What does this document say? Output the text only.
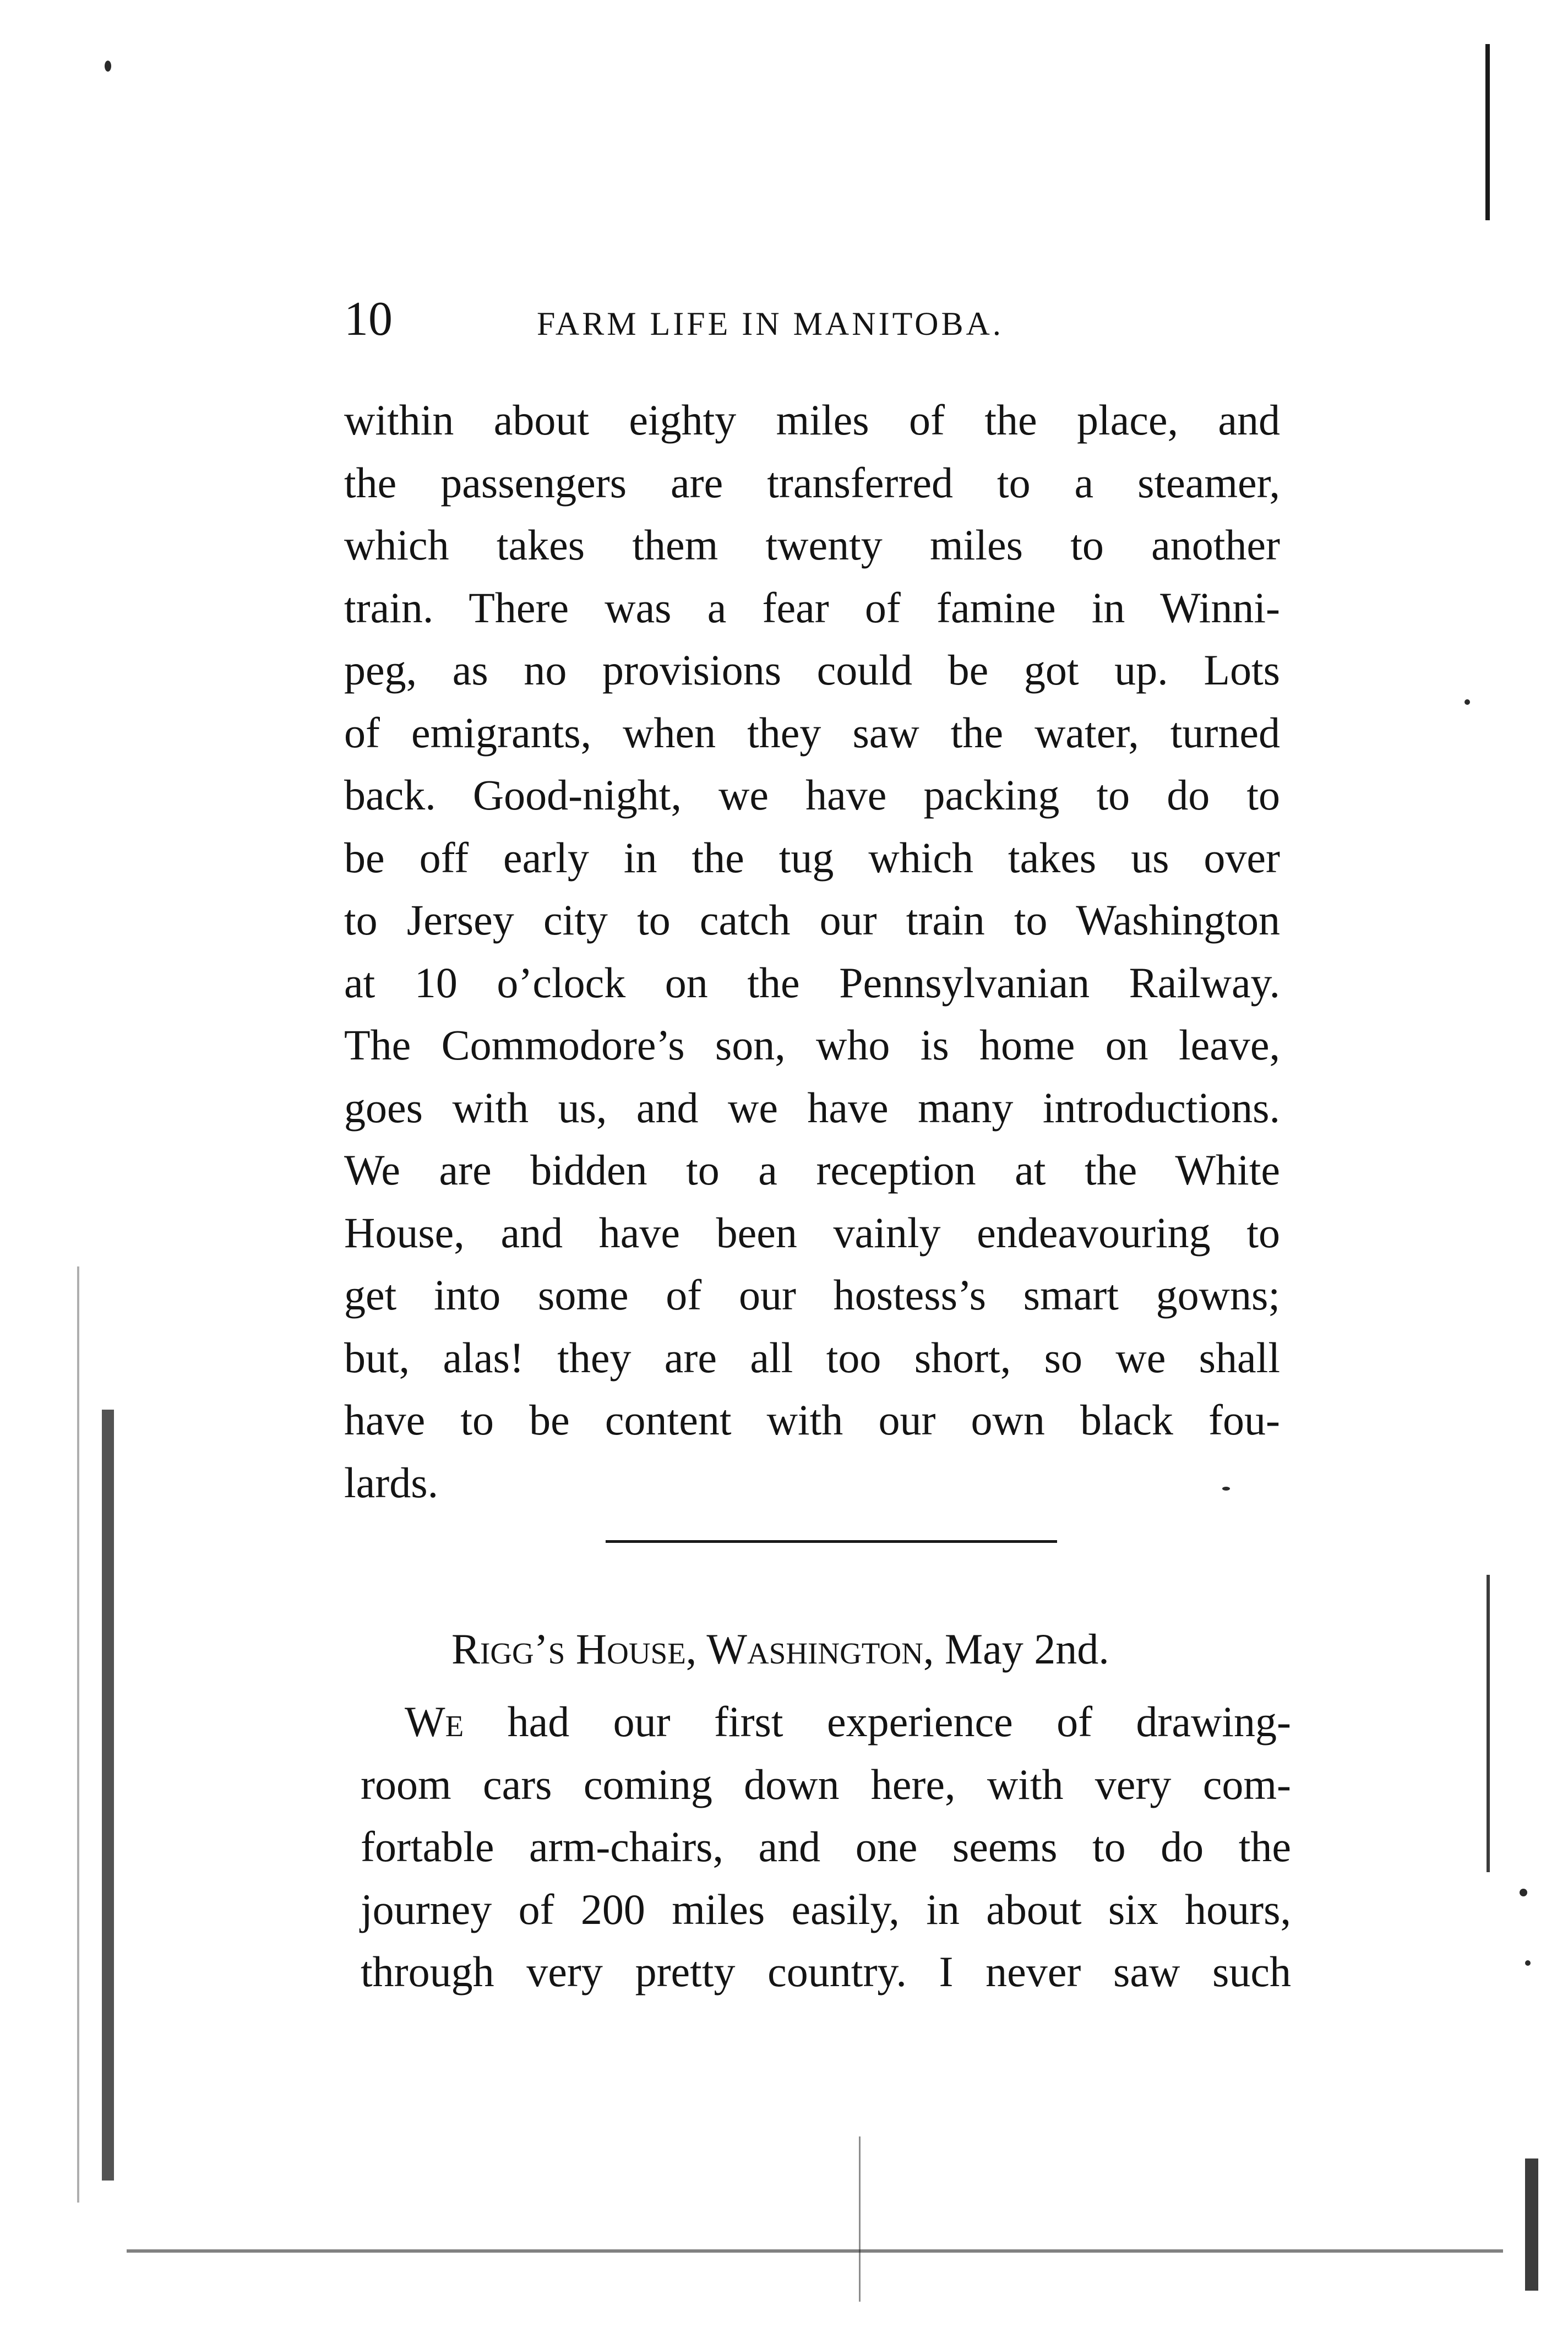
10	FARM LIFE IN MANITOBA.
within about eighty miles of the place, and
the passengers are transferred to a steamer,
which takes them twenty miles to another
train. There was a fear of famine in Winni-
peg, as no provisions could be got up. Lots
of emigrants, when they saw the water, turned
back. Good-night, we have packing to do to
be off early in the tug which takes us over
to Jersey city to catch our train to Washington
at 10 o’clock on the Pennsylvanian Railway.
The Commodore’s son, who is home on leave,
goes with us, and we have many introductions.
We are bidden to a reception at the White
House, and have been vainly endeavouring to
get into some of our hostess’s smart gowns;
but, alas! they are all too short, so we shall
have to be content with our own black fou-
lards.
Rigg’s House, Washington, May 2nd.
We had our first experience of drawing-
room cars coming down here, with very com-
fortable arm-chairs, and one seems to do the
journey of 200 miles easily, in about six hours,
through very pretty country. I never saw such
